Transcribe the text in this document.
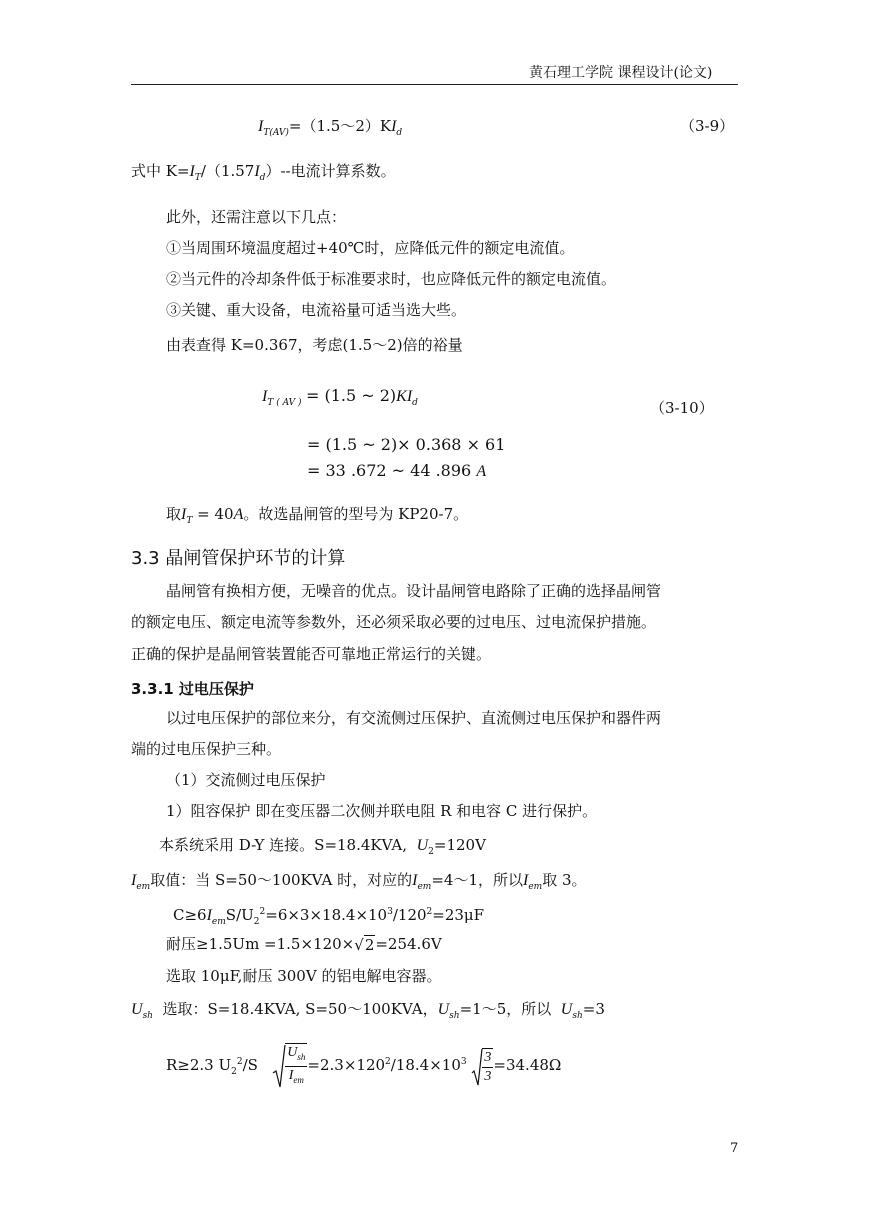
黄石理工学院 课程设计(论文)
$I_{T(AV)}=(1.5\sim 2)KI_d$	（3-9）
式中 $K=I_T/(1.57I_d)--$电流计算系数。
此外，还需注意以下几点：
①当周围环境温度超过+40℃时，应降低元件的额定电流值。
②当元件的冷却条件低于标准要求时，也应降低元件的额定电流值。
③关键、重大设备，电流裕量可适当选大些。
由表查得 K=0.367，考虑(1.5～2)倍的裕量
$I_{T ( AV )} = (1.5$ ~ $2)KI_d$	（3-10）
= (1.5 ~ 2)× 0.368 × 61
= 33 .672 ~ 44 .896 A
取$I_T = 40A$。故选晶闸管的型号为 KP20-7。
3.3 晶闸管保护环节的计算
晶闸管有换相方便，无噪音的优点。设计晶闸管电路除了正确的选择晶闸管
的额定电压、额定电流等参数外，还必须采取必要的过电压、过电流保护措施。
正确的保护是晶闸管装置能否可靠地正常运行的关键。
3.3.1 过电压保护
以过电压保护的部位来分，有交流侧过压保护、直流侧过电压保护和器件两
端的过电压保护三种。
（1）交流侧过电压保护
1）阻容保护 即在变压器二次侧并联电阻 R 和电容 C 进行保护。
本系统采用 D-Y 连接。S=18.4KVA, $U_2=120V$
$I_{em}$取值：当 S=50～100KVA 时，对应的$I_{em}=4\sim 1$，所以$I_{em}$取 3。
$C\ge 6I_{em}S/U_2^2=6\times 3\times 18.4\times 10^3/120^2=23\mu F$
耐压≥1.5Um =1.5×120×√2=254.6V
选取 10μF,耐压 300V 的铝电解电容器。
$U_{sh}$ 选取：S=18.4KVA, S=50～100KVA，$U_{sh}=1\sim 5$，所以 $U_{sh}=3$
R≥2.3 $U_2^2/S \frac{U_{sh}}{I_{em}} =2.3\times 120^2/18.4\times 10^3 \frac{3}{3} =34.48\Omega$
7
